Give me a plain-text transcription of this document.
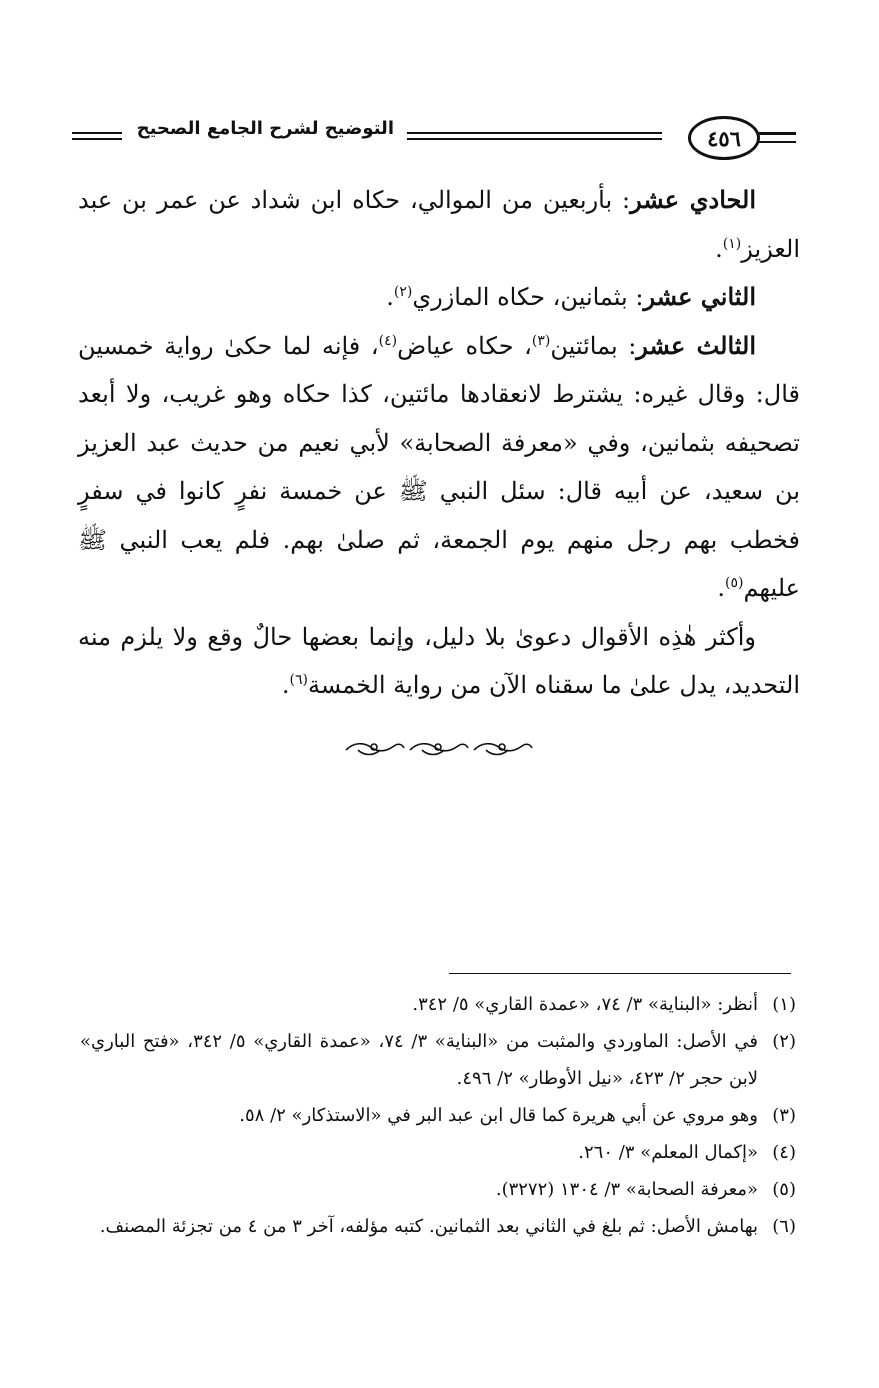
٤٥٦
التوضيح لشرح الجامع الصحيح

الحادي عشر: بأربعين من الموالي، حكاه ابن شداد عن عمر بن عبد العزيز$^{(١)}$.

الثاني عشر: بثمانين، حكاه المازري$^{(٢)}$.

الثالث عشر: بمائتين$^{(٣)}$، حكاه عياض$^{(٤)}$، فإنه لما حكىٰ رواية خمسين قال: وقال غيره: يشترط لانعقادها مائتين، كذا حكاه وهو غريب، ولا أبعد تصحيفه بثمانين، وفي «معرفة الصحابة» لأبي نعيم من حديث عبد العزيز بن سعيد، عن أبيه قال: سئل النبي ﷺ عن خمسة نفرٍ كانوا في سفرٍ فخطب بهم رجل منهم يوم الجمعة، ثم صلىٰ بهم. فلم يعب النبي ﷺ عليهم$^{(٥)}$.

وأكثر هٰذِه الأقوال دعوىٰ بلا دليل، وإنما بعضها حالٌ وقع ولا يلزم منه التحديد، يدل علىٰ ما سقناه الآن من رواية الخمسة$^{(٦)}$.

(١)
أنظر: «البناية» ٣/ ٧٤، «عمدة القاري» ٥/ ٣٤٢.
(٢)
في الأصل: الماوردي والمثبت من «البناية» ٣/ ٧٤، «عمدة القاري» ٥/ ٣٤٢، «فتح الباري» لابن حجر ٢/ ٤٢٣، «نيل الأوطار» ٢/ ٤٩٦.
(٣)
وهو مروي عن أبي هريرة كما قال ابن عبد البر في «الاستذكار» ٢/ ٥٨.
(٤)
«إكمال المعلم» ٣/ ٢٦٠.
(٥)
«معرفة الصحابة» ٣/ ١٣٠٤ (٣٢٧٢).
(٦)
بهامش الأصل: ثم بلغ في الثاني بعد الثمانين. كتبه مؤلفه، آخر ٣ من ٤ من تجزئة المصنف.
